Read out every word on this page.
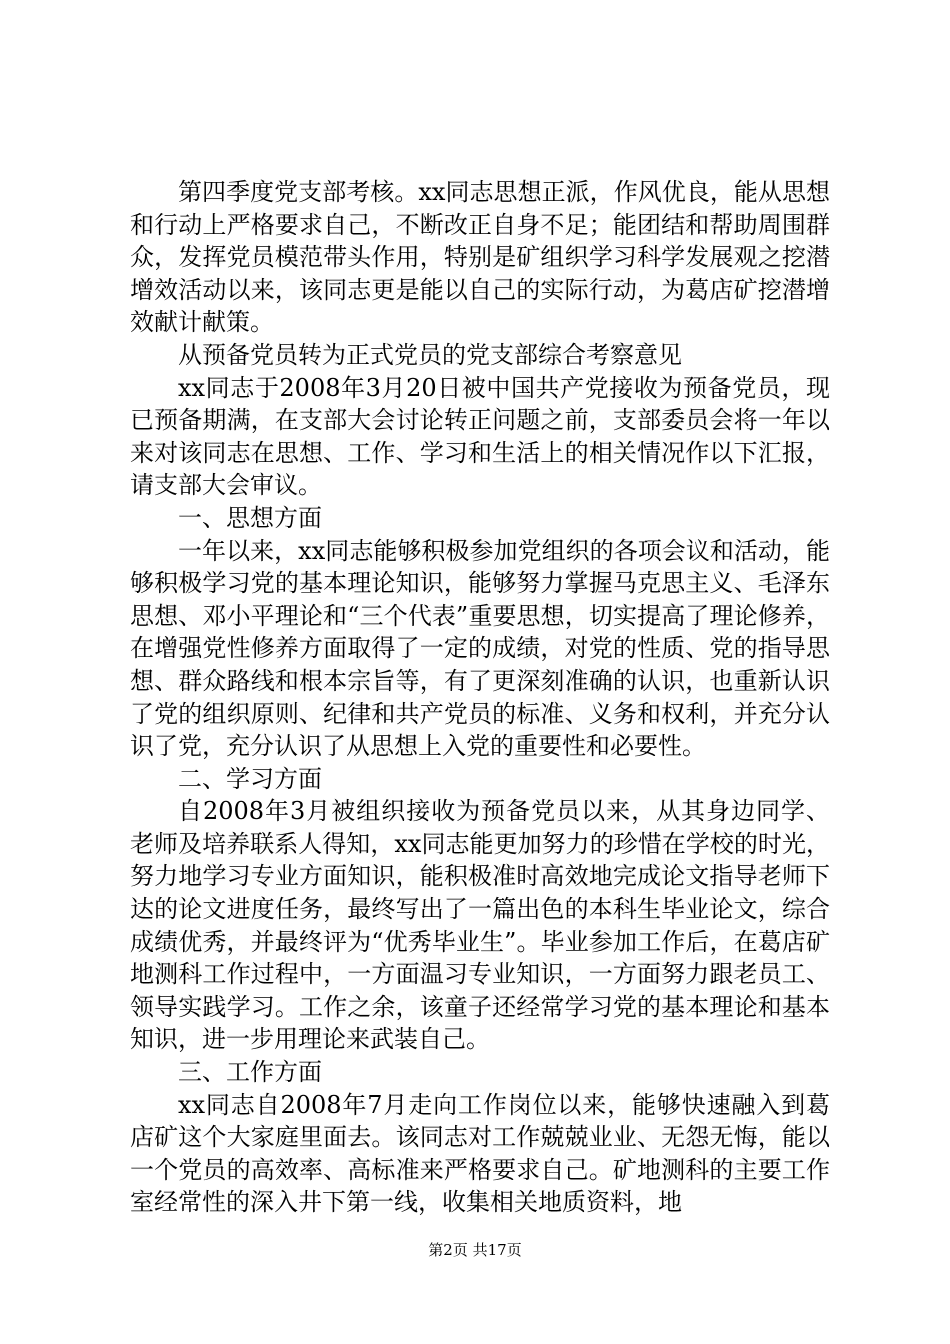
第四季度党支部考核。xx同志思想正派，作风优良，能从思想和行动上严格要求自己，不断改正自身不足；能团结和帮助周围群众，发挥党员模范带头作用，特别是矿组织学习科学发展观之挖潜增效活动以来，该同志更是能以自己的实际行动，为葛店矿挖潜增效献计献策。

从预备党员转为正式党员的党支部综合考察意见

xx同志于2008年3月20日被中国共产党接收为预备党员，现已预备期满，在支部大会讨论转正问题之前，支部委员会将一年以来对该同志在思想、工作、学习和生活上的相关情况作以下汇报，请支部大会审议。

一、思想方面

一年以来，xx同志能够积极参加党组织的各项会议和活动，能够积极学习党的基本理论知识，能够努力掌握马克思主义、毛泽东思想、邓小平理论和“三个代表”重要思想，切实提高了理论修养，在增强党性修养方面取得了一定的成绩，对党的性质、党的指导思想、群众路线和根本宗旨等，有了更深刻准确的认识，也重新认识了党的组织原则、纪律和共产党员的标准、义务和权利，并充分认识了党，充分认识了从思想上入党的重要性和必要性。

二、学习方面

自2008年3月被组织接收为预备党员以来，从其身边同学、老师及培养联系人得知，xx同志能更加努力的珍惜在学校的时光，努力地学习专业方面知识，能积极准时高效地完成论文指导老师下达的论文进度任务，最终写出了一篇出色的本科生毕业论文，综合成绩优秀，并最终评为“优秀毕业生”。毕业参加工作后，在葛店矿地测科工作过程中，一方面温习专业知识，一方面努力跟老员工、领导实践学习。工作之余，该童子还经常学习党的基本理论和基本知识，进一步用理论来武装自己。

三、工作方面

xx同志自2008年7月走向工作岗位以来，能够快速融入到葛店矿这个大家庭里面去。该同志对工作兢兢业业、无怨无悔，能以一个党员的高效率、高标准来严格要求自己。矿地测科的主要工作室经常性的深入井下第一线，收集相关地质资料，地

第2页 共17页
